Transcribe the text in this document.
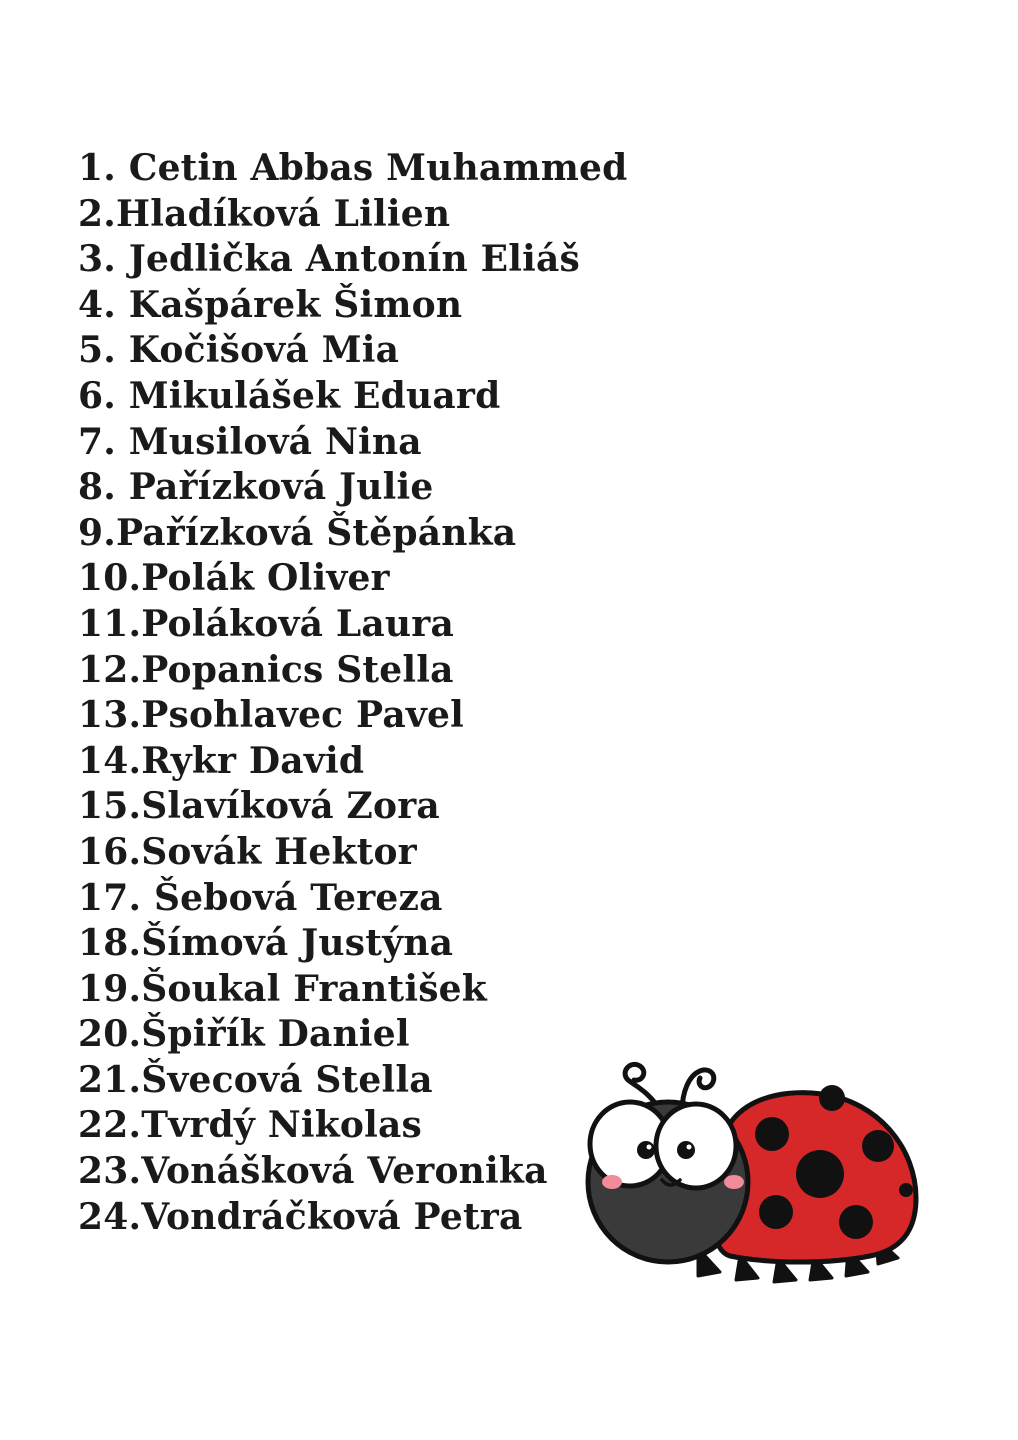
1. Cetin Abbas Muhammed
2.Hladíková Lilien
3. Jedlička Antonín Eliáš
4. Kašpárek Šimon
5. Kočišová Mia
6. Mikulášek Eduard
7. Musilová Nina
8. Pařízková Julie
9.Pařízková Štěpánka
10.Polák Oliver
11.Poláková Laura
12.Popanics Stella
13.Psohlavec Pavel
14.Rykr David
15.Slavíková Zora
16.Sovák Hektor
17. Šebová Tereza
18.Šímová Justýna
19.Šoukal František
20.Špiřík Daniel
21.Švecová Stella
22.Tvrdý Nikolas
23.Vonášková Veronika
24.Vondráčková Petra
